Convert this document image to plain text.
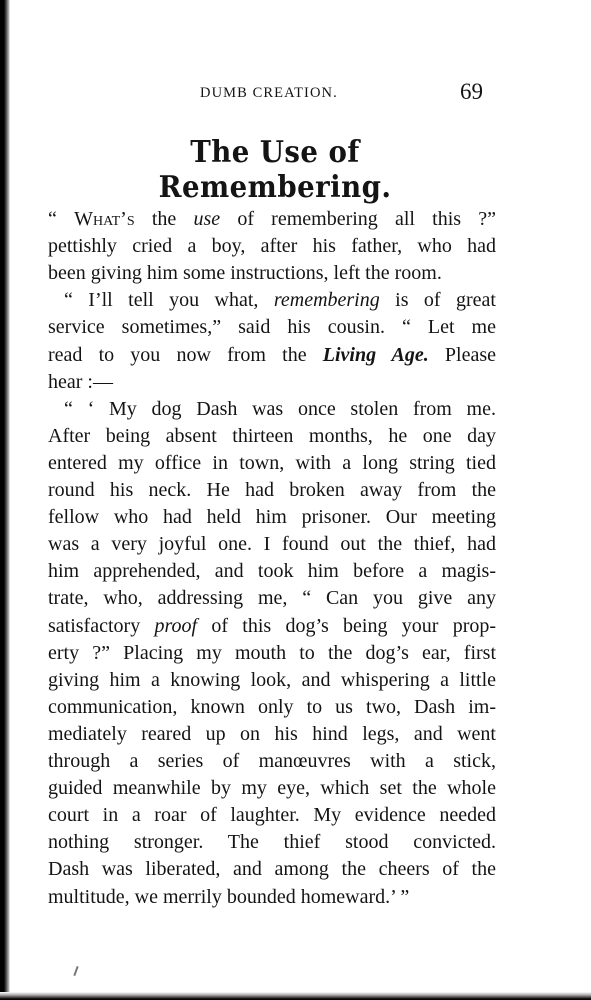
DUMB CREATION.	69
The Use of Remembering.
“ What’s the use of remembering all this ?”
pettishly cried a boy, after his father, who had
been giving him some instructions, left the room.
“ I’ll tell you what, remembering is of great
service sometimes,” said his cousin. “ Let me
read to you now from the Living Age. Please
hear :—
“ ‘ My dog Dash was once stolen from me.
After being absent thirteen months, he one day
entered my office in town, with a long string tied
round his neck. He had broken away from the
fellow who had held him prisoner. Our meeting
was a very joyful one. I found out the thief, had
him apprehended, and took him before a magis-
trate, who, addressing me, “ Can you give any
satisfactory proof of this dog’s being your prop-
erty ?” Placing my mouth to the dog’s ear, first
giving him a knowing look, and whispering a little
communication, known only to us two, Dash im-
mediately reared up on his hind legs, and went
through a series of manœuvres with a stick,
guided meanwhile by my eye, which set the whole
court in a roar of laughter. My evidence needed
nothing stronger. The thief stood convicted.
Dash was liberated, and among the cheers of the
multitude, we merrily bounded homeward.’ ”
